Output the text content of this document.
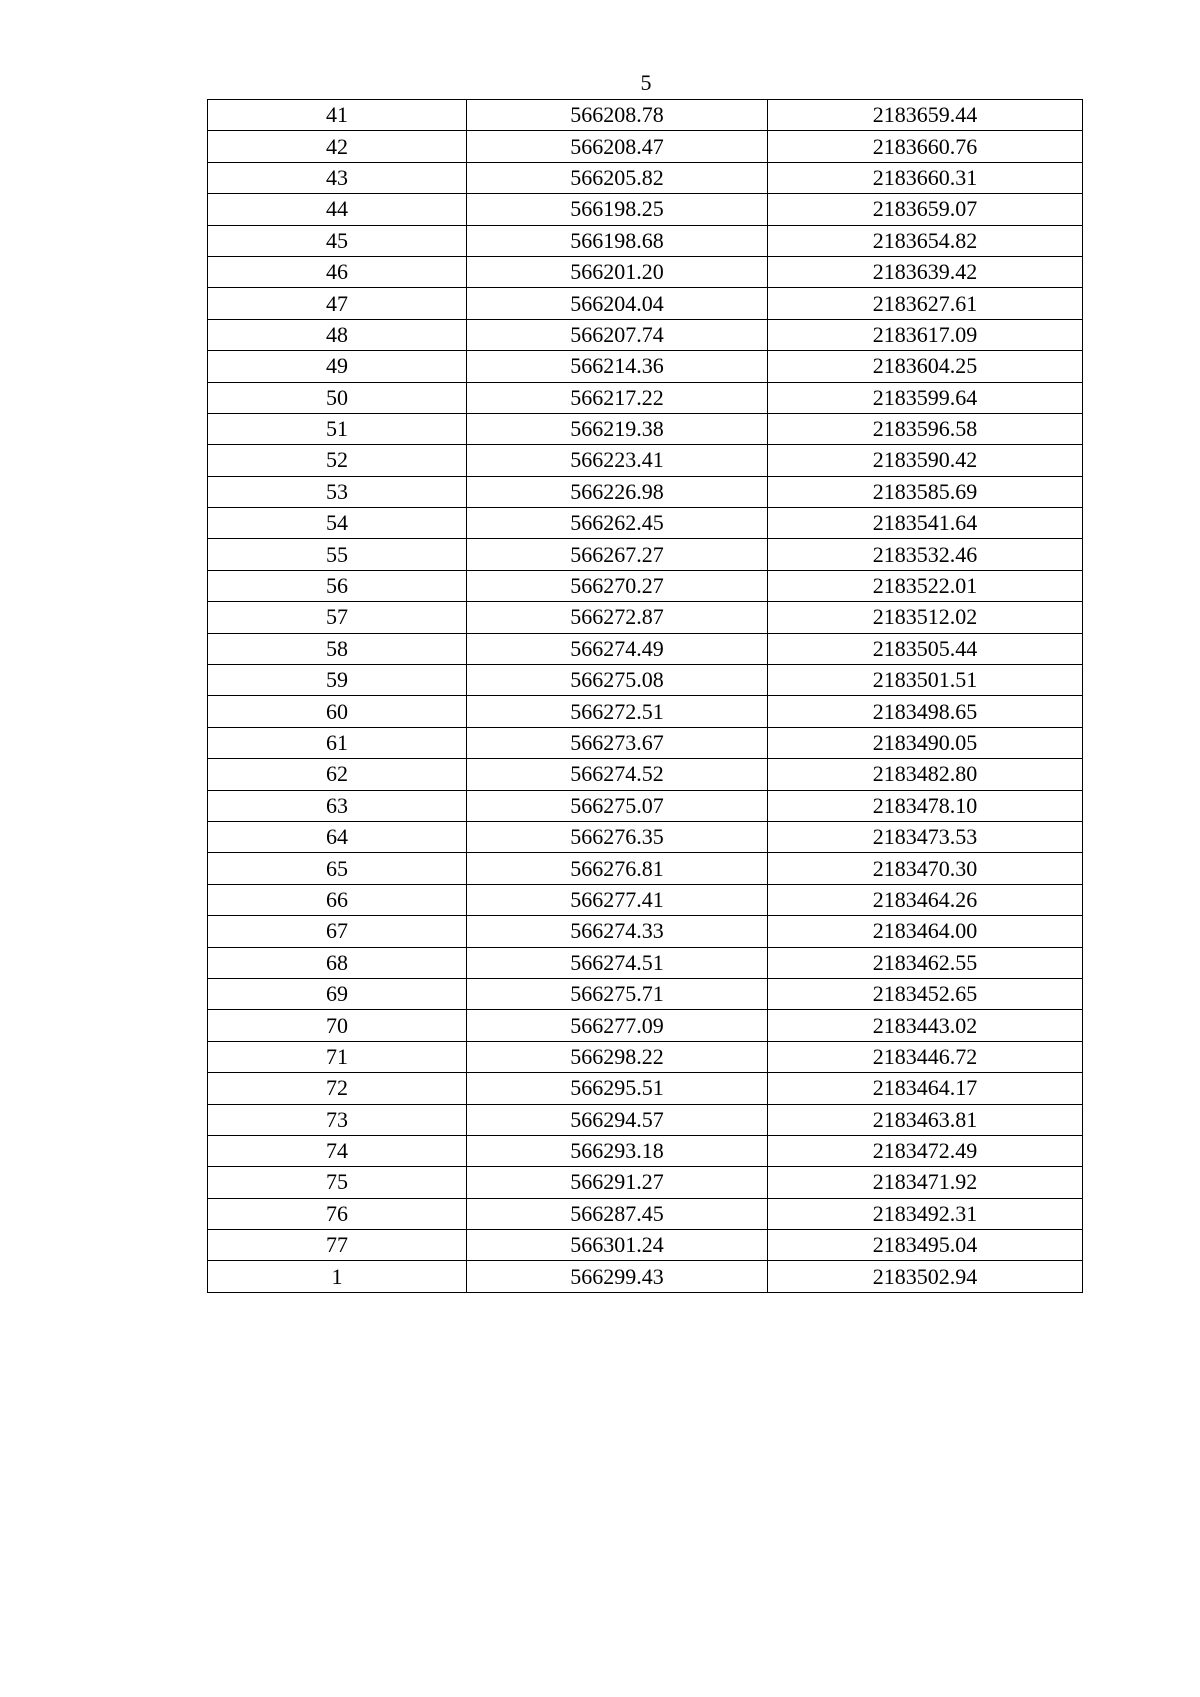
5
41	566208.78	2183659.44
42	566208.47	2183660.76
43	566205.82	2183660.31
44	566198.25	2183659.07
45	566198.68	2183654.82
46	566201.20	2183639.42
47	566204.04	2183627.61
48	566207.74	2183617.09
49	566214.36	2183604.25
50	566217.22	2183599.64
51	566219.38	2183596.58
52	566223.41	2183590.42
53	566226.98	2183585.69
54	566262.45	2183541.64
55	566267.27	2183532.46
56	566270.27	2183522.01
57	566272.87	2183512.02
58	566274.49	2183505.44
59	566275.08	2183501.51
60	566272.51	2183498.65
61	566273.67	2183490.05
62	566274.52	2183482.80
63	566275.07	2183478.10
64	566276.35	2183473.53
65	566276.81	2183470.30
66	566277.41	2183464.26
67	566274.33	2183464.00
68	566274.51	2183462.55
69	566275.71	2183452.65
70	566277.09	2183443.02
71	566298.22	2183446.72
72	566295.51	2183464.17
73	566294.57	2183463.81
74	566293.18	2183472.49
75	566291.27	2183471.92
76	566287.45	2183492.31
77	566301.24	2183495.04
1	566299.43	2183502.94
